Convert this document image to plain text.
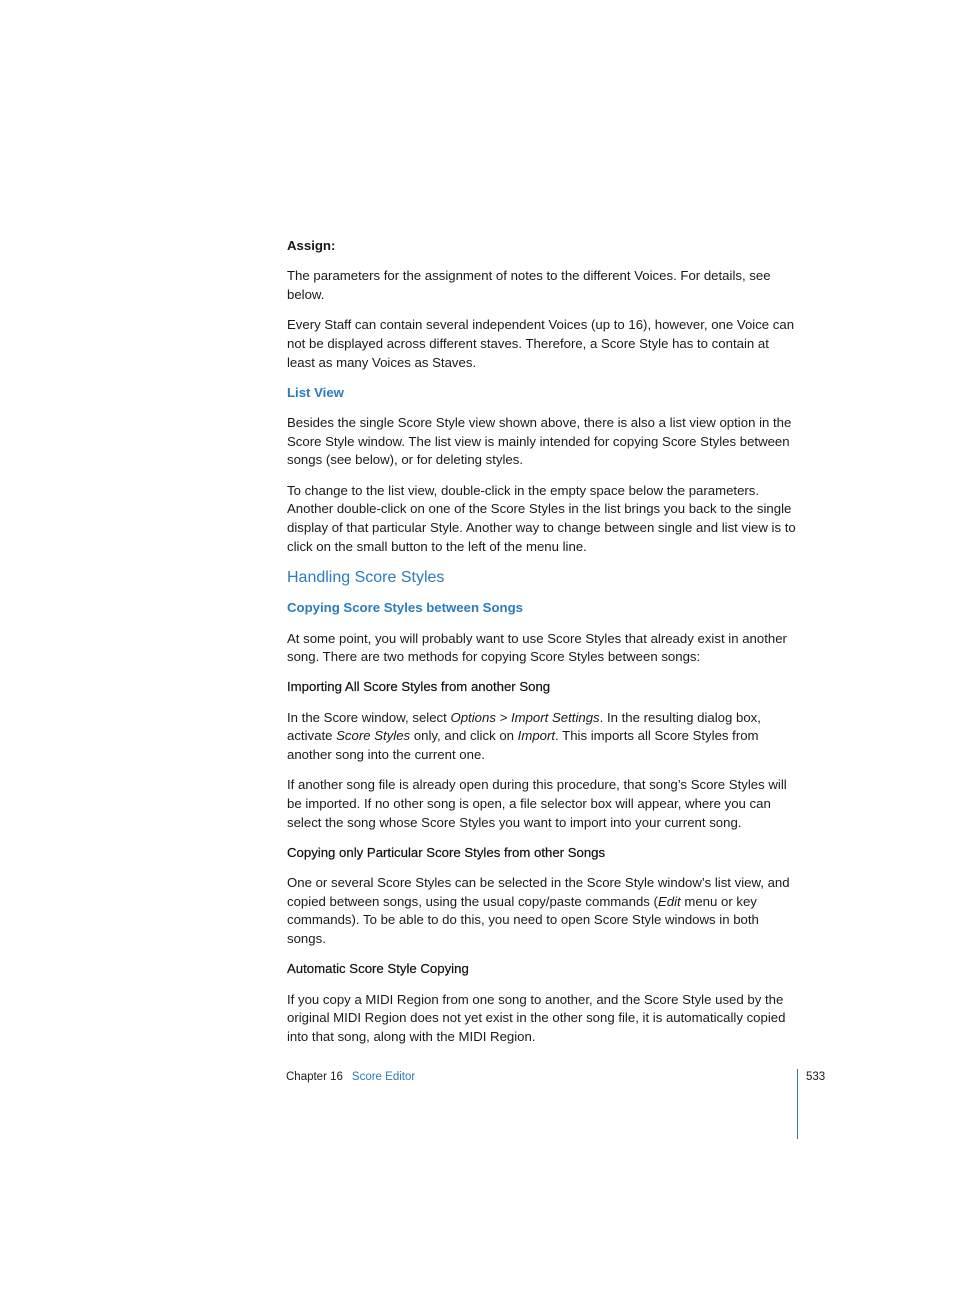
Assign:

The parameters for the assignment of notes to the different Voices. For details, see below.

Every Staff can contain several independent Voices (up to 16), however, one Voice can not be displayed across different staves. Therefore, a Score Style has to contain at least as many Voices as Staves.

List View

Besides the single Score Style view shown above, there is also a list view option in the Score Style window. The list view is mainly intended for copying Score Styles between songs (see below), or for deleting styles.

To change to the list view, double-click in the empty space below the parameters. Another double-click on one of the Score Styles in the list brings you back to the single display of that particular Style. Another way to change between single and list view is to click on the small button to the left of the menu line.

Handling Score Styles

Copying Score Styles between Songs

At some point, you will probably want to use Score Styles that already exist in another song. There are two methods for copying Score Styles between songs:

Importing All Score Styles from another Song

In the Score window, select Options > Import Settings. In the resulting dialog box, activate Score Styles only, and click on Import. This imports all Score Styles from another song into the current one.

If another song file is already open during this procedure, that song’s Score Styles will be imported. If no other song is open, a file selector box will appear, where you can select the song whose Score Styles you want to import into your current song.

Copying only Particular Score Styles from other Songs

One or several Score Styles can be selected in the Score Style window’s list view, and copied between songs, using the usual copy/paste commands (Edit menu or key commands). To be able to do this, you need to open Score Style windows in both songs.

Automatic Score Style Copying

If you copy a MIDI Region from one song to another, and the Score Style used by the original MIDI Region does not yet exist in the other song file, it is automatically copied into that song, along with the MIDI Region.

Chapter 16 Score Editor	533
